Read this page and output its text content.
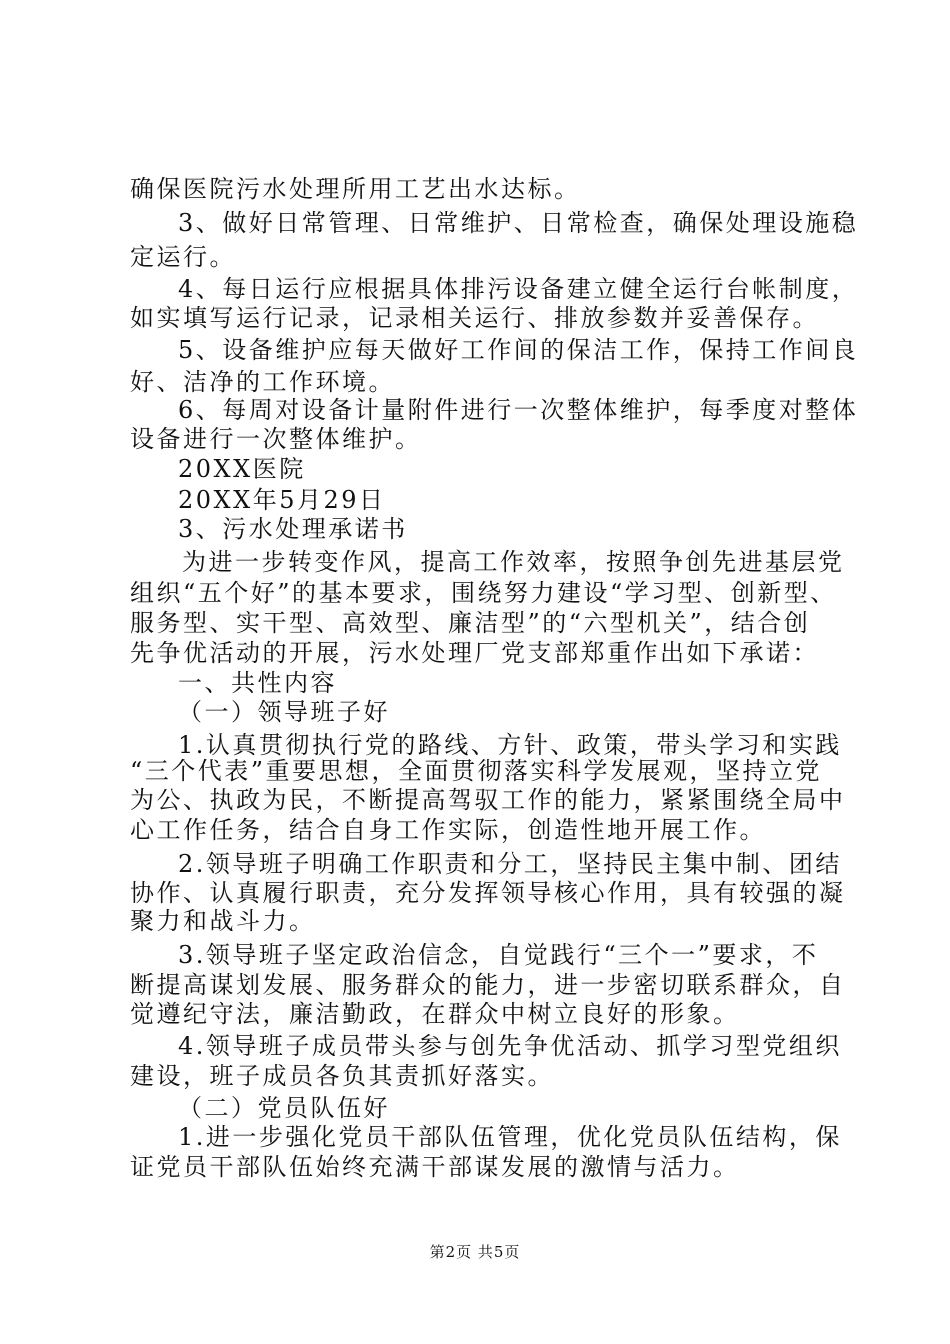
确保医院污水处理所用工艺出水达标。
3、做好日常管理、日常维护、日常检查，确保处理设施稳
定运行。
4、每日运行应根据具体排污设备建立健全运行台帐制度，
如实填写运行记录，记录相关运行、排放参数并妥善保存。
5、设备维护应每天做好工作间的保洁工作，保持工作间良
好、洁净的工作环境。
6、每周对设备计量附件进行一次整体维护，每季度对整体
设备进行一次整体维护。
20XX医院
20XX年5月29日
3、污水处理承诺书
为进一步转变作风，提高工作效率，按照争创先进基层党
组织“五个好”的基本要求，围绕努力建设“学习型、创新型、
服务型、实干型、高效型、廉洁型”的“六型机关”，结合创
先争优活动的开展，污水处理厂党支部郑重作出如下承诺：
一、共性内容
（一）领导班子好
1.认真贯彻执行党的路线、方针、政策，带头学习和实践
“三个代表”重要思想，全面贯彻落实科学发展观，坚持立党
为公、执政为民，不断提高驾驭工作的能力，紧紧围绕全局中
心工作任务，结合自身工作实际，创造性地开展工作。
2.领导班子明确工作职责和分工，坚持民主集中制、团结
协作、认真履行职责，充分发挥领导核心作用，具有较强的凝
聚力和战斗力。
3.领导班子坚定政治信念，自觉践行“三个一”要求，不
断提高谋划发展、服务群众的能力，进一步密切联系群众，自
觉遵纪守法，廉洁勤政，在群众中树立良好的形象。
4.领导班子成员带头参与创先争优活动、抓学习型党组织
建设，班子成员各负其责抓好落实。
（二）党员队伍好
1.进一步强化党员干部队伍管理，优化党员队伍结构，保
证党员干部队伍始终充满干部谋发展的激情与活力。
第2页 共5页
